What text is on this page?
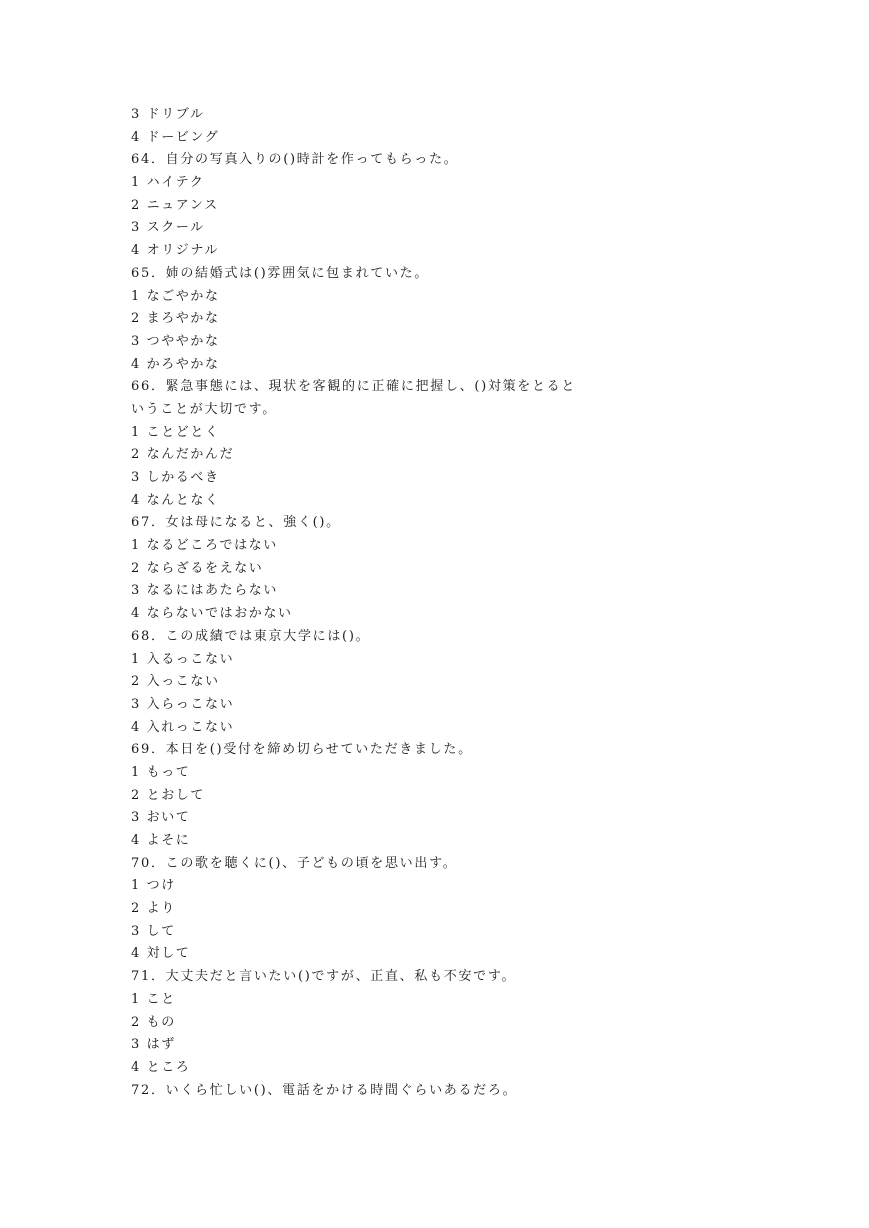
3 ドリブル
4 ドービング
64．自分の写真入りの()時計を作ってもらった。
1 ハイテク
2 ニュアンス
3 スクール
4 オリジナル
65．姉の結婚式は()雰囲気に包まれていた。
1 なごやかな
2 まろやかな
3 つややかな
4 かろやかな
66．緊急事態には、現状を客観的に正確に把握し、()対策をとると
いうことが大切です。
1 ことどとく
2 なんだかんだ
3 しかるべき
4 なんとなく
67．女は母になると、強く()。
1 なるどころではない
2 ならざるをえない
3 なるにはあたらない
4 ならないではおかない
68．この成績では東京大学には()。
1 入るっこない
2 入っこない
3 入らっこない
4 入れっこない
69．本日を()受付を締め切らせていただきました。
1 もって
2 とおして
3 おいて
4 よそに
70．この歌を聴くに()、子どもの頃を思い出す。
1 つけ
2 より
3 して
4 対して
71．大丈夫だと言いたい()ですが、正直、私も不安です。
1 こと
2 もの
3 はず
4 ところ
72．いくら忙しい()、電話をかける時間ぐらいあるだろ。
